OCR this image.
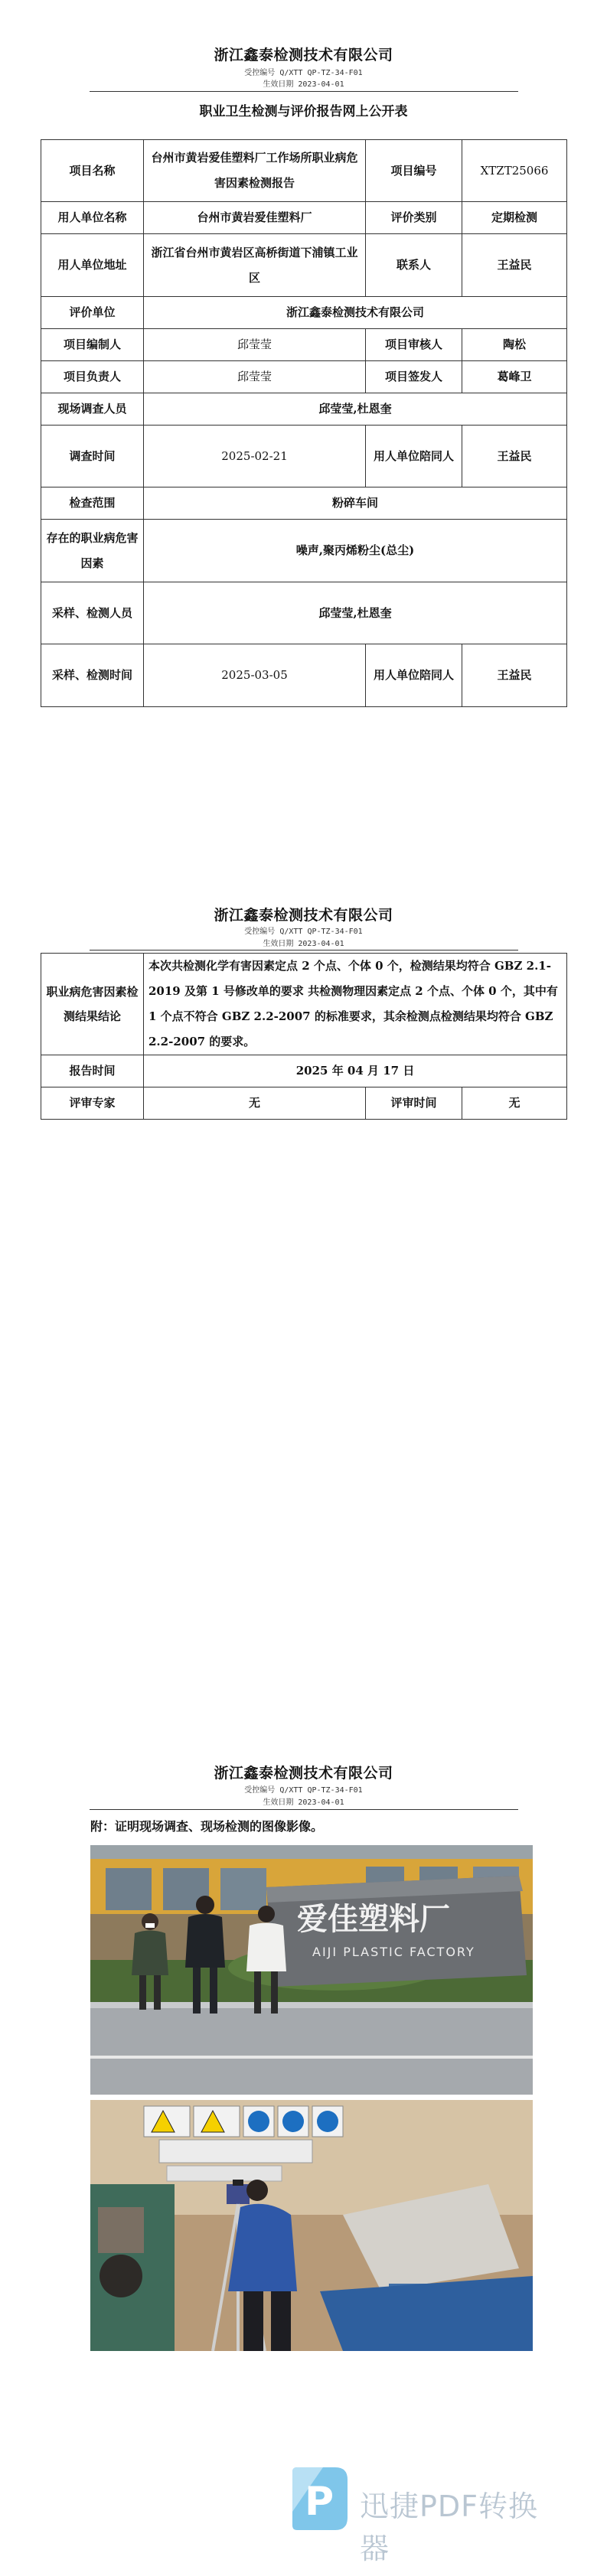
浙江鑫泰检测技术有限公司
受控编号 Q/XTT QP-TZ-34-F01
生效日期 2023-04-01
职业卫生检测与评价报告网上公开表
项目名称	台州市黄岩爱佳塑料厂工作场所职业病危害因素检测报告	项目编号	XTZT25066
用人单位名称	台州市黄岩爱佳塑料厂	评价类别	定期检测
用人单位地址	浙江省台州市黄岩区高桥街道下浦镇工业区	联系人	王益民
评价单位	浙江鑫泰检测技术有限公司		
项目编制人	邱莹莹	项目审核人	陶松
项目负责人	邱莹莹	项目签发人	葛峰卫
现场调查人员	邱莹莹,杜恩奎		
调查时间	2025-02-21	用人单位陪同人	王益民
检查范围	粉碎车间		
存在的职业病危害因素	噪声,聚丙烯粉尘(总尘)		
采样、检测人员	邱莹莹,杜恩奎		
采样、检测时间	2025-03-05	用人单位陪同人	王益民
浙江鑫泰检测技术有限公司
受控编号 Q/XTT QP-TZ-34-F01
生效日期 2023-04-01
职业病危害因素检测结果结论	本次共检测化学有害因素定点 2 个点、个体 0 个，检测结果均符合 GBZ 2.1-2019 及第 1 号修改单的要求 共检测物理因素定点 2 个点、个体 0 个，其中有 1 个点不符合 GBZ 2.2-2007 的标准要求，其余检测点检测结果均符合 GBZ 2.2-2007 的要求。		
报告时间	2025 年 04 月 17 日		
评审专家	无	评审时间	无
浙江鑫泰检测技术有限公司
受控编号 Q/XTT QP-TZ-34-F01
生效日期 2023-04-01
附：证明现场调查、现场检测的图像影像。
爱佳塑料厂
AIJI PLASTIC FACTORY
P 迅捷PDF转换器
